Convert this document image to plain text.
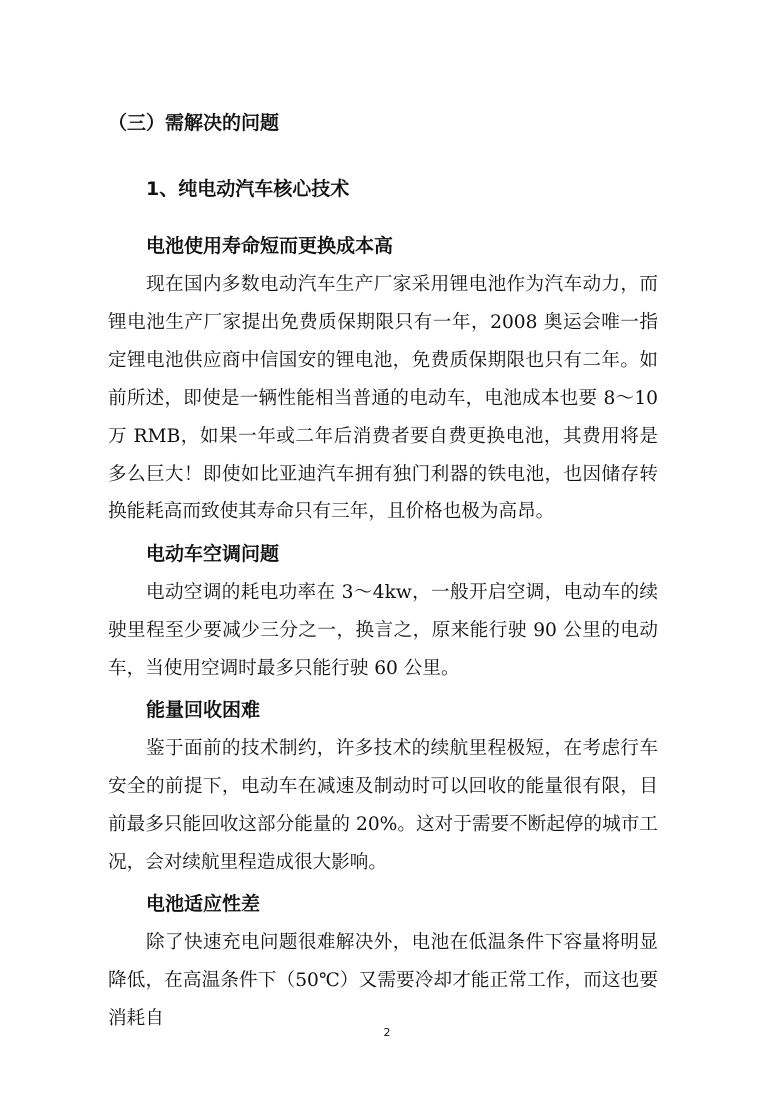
（三）需解决的问题
1、纯电动汽车核心技术
电池使用寿命短而更换成本高

现在国内多数电动汽车生产厂家采用锂电池作为汽车动力，而锂电池生产厂家提出免费质保期限只有一年，2008 奥运会唯一指定锂电池供应商中信国安的锂电池，免费质保期限也只有二年。如前所述，即使是一辆性能相当普通的电动车，电池成本也要 8～10 万 RMB，如果一年或二年后消费者要自费更换电池，其费用将是多么巨大！即使如比亚迪汽车拥有独门利器的铁电池，也因储存转换能耗高而致使其寿命只有三年，且价格也极为高昂。

电动车空调问题

电动空调的耗电功率在 3～4kw，一般开启空调，电动车的续驶里程至少要减少三分之一，换言之，原来能行驶 90 公里的电动车，当使用空调时最多只能行驶 60 公里。

能量回收困难

鉴于面前的技术制约，许多技术的续航里程极短，在考虑行车安全的前提下，电动车在减速及制动时可以回收的能量很有限，目前最多只能回收这部分能量的 20%。这对于需要不断起停的城市工况，会对续航里程造成很大影响。

电池适应性差

除了快速充电问题很难解决外，电池在低温条件下容量将明显降低，在高温条件下（50℃）又需要冷却才能正常工作，而这也要消耗自

2
